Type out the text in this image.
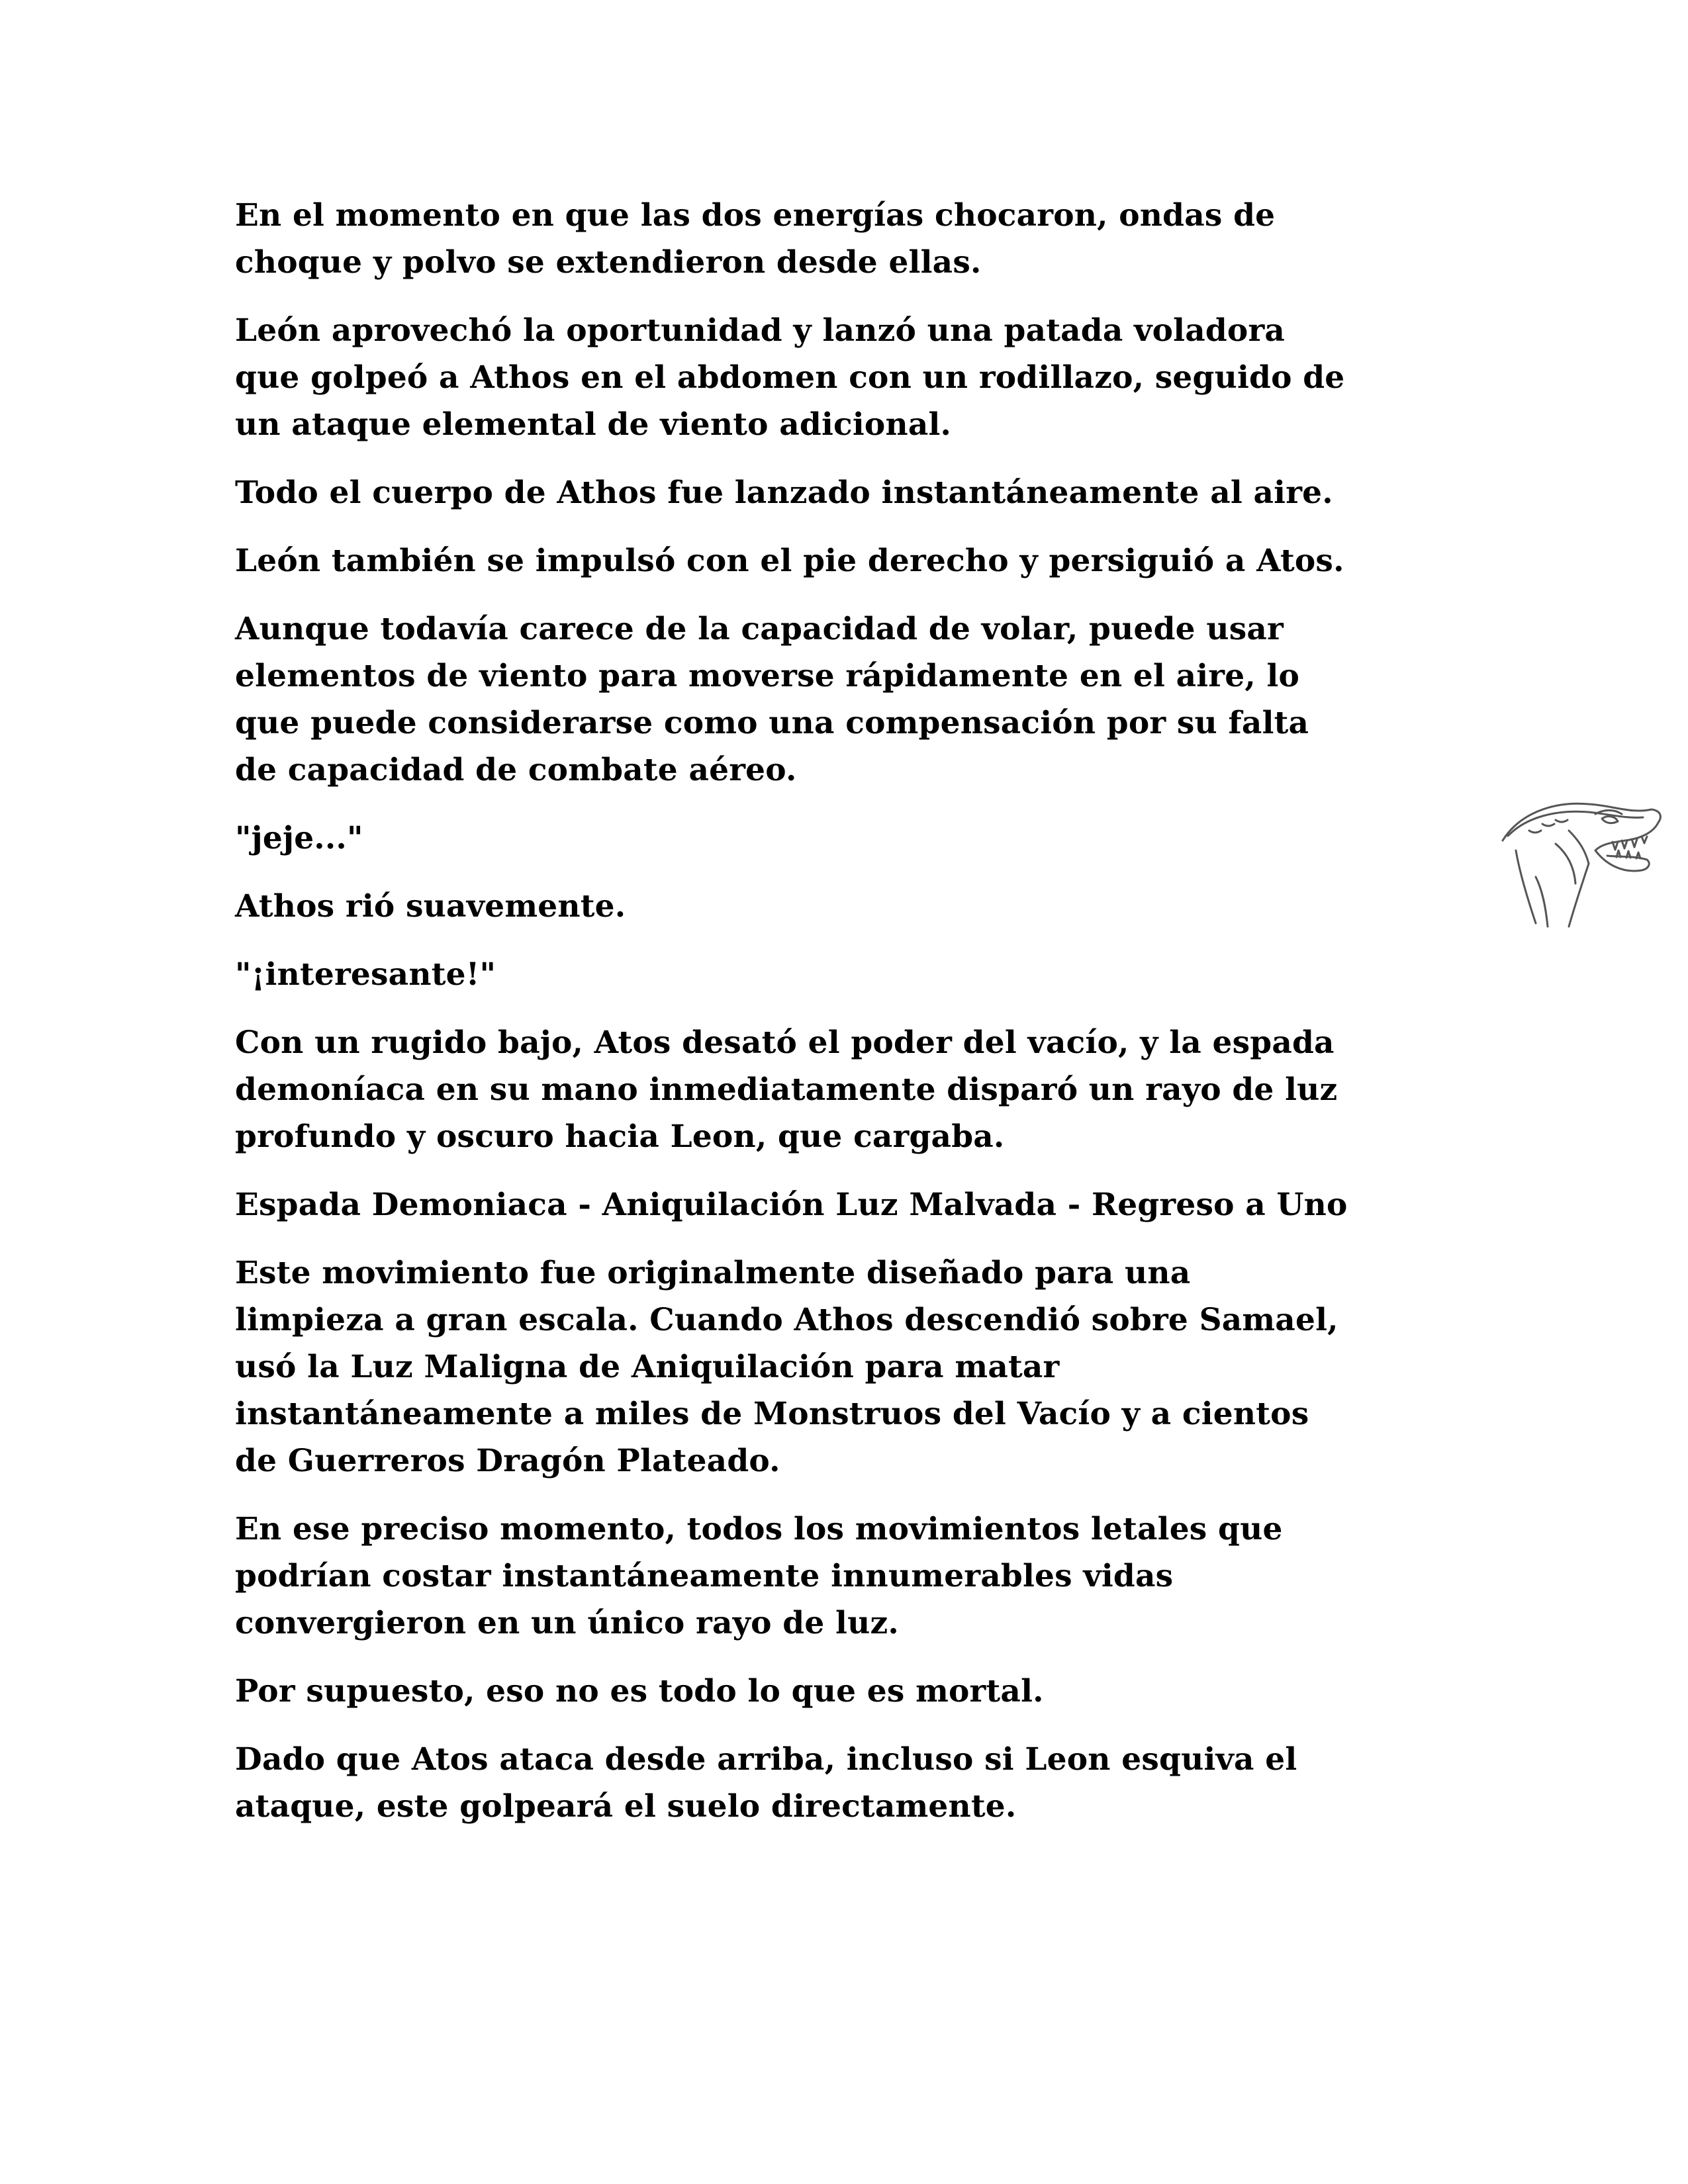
En el momento en que las dos energías chocaron, ondas de
choque y polvo se extendieron desde ellas.

León aprovechó la oportunidad y lanzó una patada voladora
que golpeó a Athos en el abdomen con un rodillazo, seguido de
un ataque elemental de viento adicional.

Todo el cuerpo de Athos fue lanzado instantáneamente al aire.

León también se impulsó con el pie derecho y persiguió a Atos.

Aunque todavía carece de la capacidad de volar, puede usar
elementos de viento para moverse rápidamente en el aire, lo
que puede considerarse como una compensación por su falta
de capacidad de combate aéreo.

"jeje..."

Athos rió suavemente.

"¡interesante!"

Con un rugido bajo, Atos desató el poder del vacío, y la espada
demoníaca en su mano inmediatamente disparó un rayo de luz
profundo y oscuro hacia Leon, que cargaba.

Espada Demoniaca - Aniquilación Luz Malvada - Regreso a Uno

Este movimiento fue originalmente diseñado para una
limpieza a gran escala. Cuando Athos descendió sobre Samael,
usó la Luz Maligna de Aniquilación para matar
instantáneamente a miles de Monstruos del Vacío y a cientos
de Guerreros Dragón Plateado.

En ese preciso momento, todos los movimientos letales que
podrían costar instantáneamente innumerables vidas
convergieron en un único rayo de luz.

Por supuesto, eso no es todo lo que es mortal.

Dado que Atos ataca desde arriba, incluso si Leon esquiva el
ataque, este golpeará el suelo directamente.
